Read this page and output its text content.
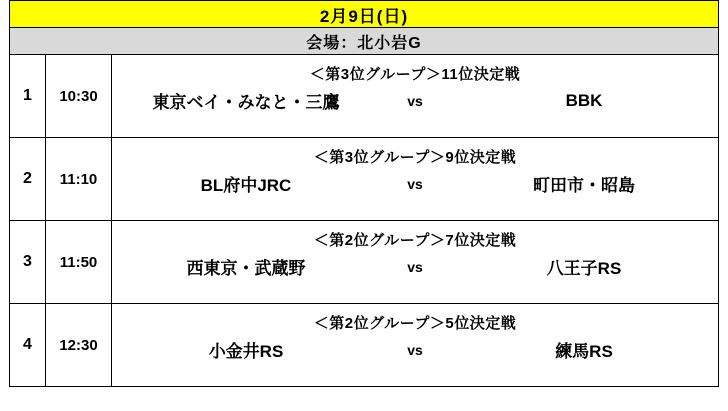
2月9日(日)		
会場：北小岩G		
1	10:30	＜第3位グループ＞11位決定戦
東京ベイ・みなと・三鷹 vs BBK

2	11:10	＜第3位グループ＞9位決定戦
BL府中JRC vs 町田市・昭島

3	11:50	＜第2位グループ＞7位決定戦
西東京・武蔵野 vs 八王子RS

4	12:30	＜第2位グループ＞5位決定戦
小金井RS vs 練馬RS
